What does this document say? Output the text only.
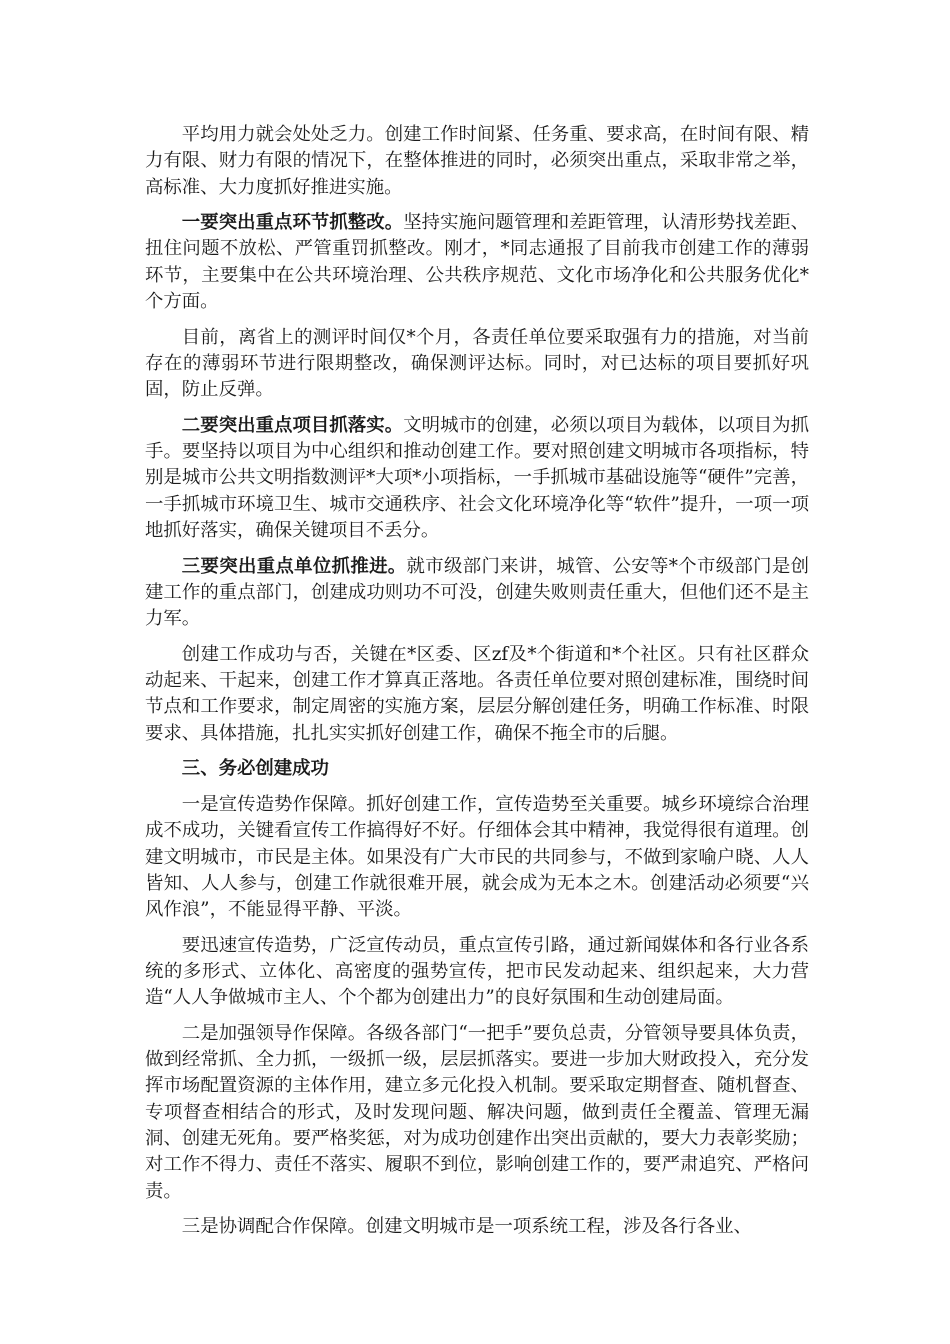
平均用力就会处处乏力。创建工作时间紧、任务重、要求高，在时间有限、精力有限、财力有限的情况下，在整体推进的同时，必须突出重点，采取非常之举，高标准、大力度抓好推进实施。

一要突出重点环节抓整改。坚持实施问题管理和差距管理，认清形势找差距、扭住问题不放松、严管重罚抓整改。刚才，*同志通报了目前我市创建工作的薄弱环节，主要集中在公共环境治理、公共秩序规范、文化市场净化和公共服务优化*个方面。

目前，离省上的测评时间仅*个月，各责任单位要采取强有力的措施，对当前存在的薄弱环节进行限期整改，确保测评达标。同时，对已达标的项目要抓好巩固，防止反弹。

二要突出重点项目抓落实。文明城市的创建，必须以项目为载体，以项目为抓手。要坚持以项目为中心组织和推动创建工作。要对照创建文明城市各项指标，特别是城市公共文明指数测评*大项*小项指标，一手抓城市基础设施等“硬件”完善，一手抓城市环境卫生、城市交通秩序、社会文化环境净化等“软件”提升，一项一项地抓好落实，确保关键项目不丢分。

三要突出重点单位抓推进。就市级部门来讲，城管、公安等*个市级部门是创建工作的重点部门，创建成功则功不可没，创建失败则责任重大，但他们还不是主力军。

创建工作成功与否，关键在*区委、区zf及*个街道和*个社区。只有社区群众动起来、干起来，创建工作才算真正落地。各责任单位要对照创建标准，围绕时间节点和工作要求，制定周密的实施方案，层层分解创建任务，明确工作标准、时限要求、具体措施，扎扎实实抓好创建工作，确保不拖全市的后腿。

三、务必创建成功

一是宣传造势作保障。抓好创建工作，宣传造势至关重要。城乡环境综合治理成不成功，关键看宣传工作搞得好不好。仔细体会其中精神，我觉得很有道理。创建文明城市，市民是主体。如果没有广大市民的共同参与，不做到家喻户晓、人人皆知、人人参与，创建工作就很难开展，就会成为无本之木。创建活动必须要“兴风作浪”，不能显得平静、平淡。

要迅速宣传造势，广泛宣传动员，重点宣传引路，通过新闻媒体和各行业各系统的多形式、立体化、高密度的强势宣传，把市民发动起来、组织起来，大力营造“人人争做城市主人、个个都为创建出力”的良好氛围和生动创建局面。

二是加强领导作保障。各级各部门“一把手”要负总责，分管领导要具体负责，做到经常抓、全力抓，一级抓一级，层层抓落实。要进一步加大财政投入，充分发挥市场配置资源的主体作用，建立多元化投入机制。要采取定期督查、随机督查、专项督查相结合的形式，及时发现问题、解决问题，做到责任全覆盖、管理无漏洞、创建无死角。要严格奖惩，对为成功创建作出突出贡献的，要大力表彰奖励；对工作不得力、责任不落实、履职不到位，影响创建工作的，要严肃追究、严格问责。

三是协调配合作保障。创建文明城市是一项系统工程，涉及各行各业、
